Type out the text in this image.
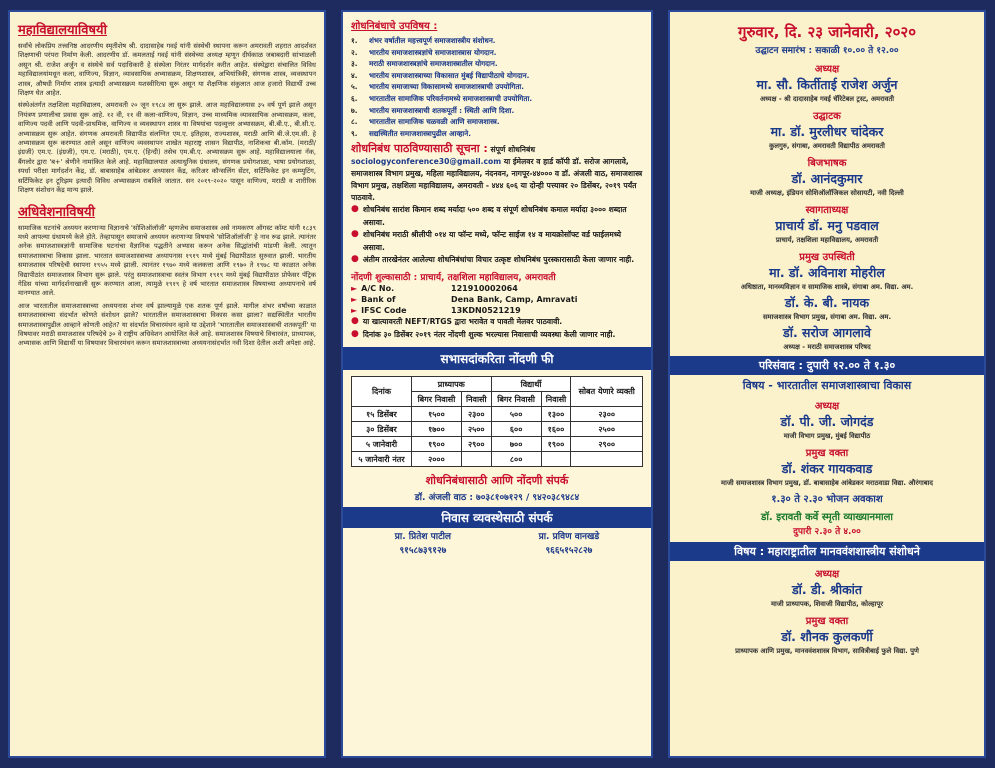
महाविद्यालयाविषयी

सर्वांचे लोकप्रिय तत्त्वनिष्ठ आदरणीय स्मृतीशेष श्री. दादासाहेब गवई यांनी संस्थेची स्थापना करून अमरावती शहरात आदर्शवत शिक्षणाची परंपरा निर्माण केली. आदरणीय डॉ. कमलताई गवई यांनी संस्थेच्या अध्यक्ष म्हणून दीर्घकाळ जबाबदारी सांभाळली असून श्री. राजेश अर्जुन व संस्थेचे सर्व पदाधिकारी हे संस्थेला निरंतर मार्गदर्शन करीत आहेत. संस्थेद्वारा संचालित विविध महाविद्यालयांमधून कला, वाणिज्य, विज्ञान, व्यावसायिक अभ्यासक्रम, शिक्षणशास्त्र, अभियांत्रिकी, संगणक शास्त्र, व्यवस्थापन शास्त्र, औषधी निर्माण शास्त्र इत्यादी अभ्यासक्रम यशस्वीरित्या सुरू असून या शैक्षणिक संकुलात आज हजारो विद्यार्थी उच्च शिक्षण घेत आहेत.

संस्थेअंतर्गत तक्षशिला महाविद्यालय, अमरावती २० जून १९८४ ला सुरू झाले. आज महाविद्यालयास ३५ वर्ष पूर्ण झाले असून नियंत्रण प्रणालीचा प्रवास सुरू आहे. १२ वी, ११ वी कला-वाणिज्य, विज्ञान, उच्च माध्यमिक व्यावसायिक अभ्यासक्रम, कला, वाणिज्य पदवी आणि पदवी-प्राथमिक, वाणिज्य व व्यवस्थापन शास्त्र या विषयांचा पदव्युत्तर अभ्यासक्रम, बी.बी.ए., बी.सी.ए. अभ्यासक्रम सुरू आहेत. संगणक अमरावती विद्यापीठ संलग्नित एम.ए. इतिहास, राज्यशास्त्र, मराठी आणि बी.जे.एम.सी. हे अभ्यासक्रम सुरू करण्यात आले असून वाणिज्य व्यवस्थापन शाखेत महाराष्ट्र शासन विद्यापीठ, नाशिकचा बी.कॉम. (मराठी/इंग्रजी) एम.ए. (इंग्रजी), एम.ए. (मराठी), एम.ए. (हिन्दी) तसेच एम.बी.ए. अभ्यासक्रम सुरू आहे. महाविद्यालयाला नॅक, बैंगलोर द्वारा 'ब+' श्रेणीने नामांकित केले आहे. महाविद्यालयात अत्याधुनिक ग्रंथालय, संगणक प्रयोगशाळा, भाषा प्रयोगशाळा, स्पर्धा परीक्षा मार्गदर्शन केंद्र, डॉ. बाबासाहेब आंबेडकर अध्यासन केंद्र, करिअर कौन्सलिंग सेंटर, सर्टिफिकेट इन कम्प्युटिंग, सर्टिफिकेट इन टूरिझम इत्यादी विविध अभ्यासक्रम राबविले जातात. सन २०१९-२०२० पासून वाणिज्य, मराठी व शारीरिक शिक्षण संशोधन केंद्र मान्य झाले.

अधिवेशनाविषयी

सामाजिक घटनांचे अध्ययन करणाऱ्या विज्ञानाचे 'सोशिऑलॉजी' म्हणजेच समाजशास्त्र असे नामकरण ऑगस्ट कॉम्ट यांनी १८३९ मध्ये आपल्या ग्रंथामध्ये केले होते. तेव्हापासून समाजाचे अध्ययन करणाऱ्या विषयाचे 'सोशिऑलॉजी' हे नाव रूढ झाले. त्यानंतर अनेक समाजशास्त्रज्ञांनी सामाजिक घटनांचा वैज्ञानिक पद्धतीने अभ्यास करून अनेक सिद्धांतांची मांडणी केली. त्यातून समाजशास्त्राचा विकास झाला. भारतात समाजशास्त्राच्या अध्यापनास १९१९ मध्ये मुंबई विद्यापीठात सुरुवात झाली. भारतीय समाजशास्त्र परिषदेची स्थापना १९५५ मध्ये झाली. त्यानंतर १९७० मध्ये कलकत्ता आणि १९७० ते १९७८ या काळात अनेक विद्यापीठांत समाजशास्त्र विभाग सुरू झाले. परंतु समाजशास्त्राचा स्वतंत्र विभाग १९१९ मध्ये मुंबई विद्यापीठात प्रोफेसर पॅट्रिक गेडिस यांच्या मार्गदर्शनाखाली सुरू करण्यात आला, त्यामुळे १९१९ हे वर्ष भारतात समाजशास्त्र विषयाच्या अध्यापनाचे वर्ष मानण्यात आले.

आज भारतातील समाजशास्त्राच्या अध्ययनास शंभर वर्ष झाल्यामुळे एक शतक पूर्ण झाले. मागील शंभर वर्षांच्या काळात समाजशास्त्राच्या संदर्भात कोणते संशोधन झाले? भारतातील समाजशास्त्राचा विकास कसा झाला? सद्यस्थितीत भारतीय समाजशास्त्रापुढील आव्हाने कोणती आहेत? या संदर्भात विचारमंथन व्हावे या उद्देशाने 'भारतातील समाजशास्त्राची शतकपूर्ती' या विषयावर मराठी समाजशास्त्र परिषदेचे ३० वे राष्ट्रीय अधिवेशन आयोजित केले आहे. समाजशास्त्र विषयाचे विचारवंत, प्राध्यापक, अभ्यासक आणि विद्यार्थी या विषयावर विचारमंथन करून समाजशास्त्राच्या अध्ययनासंदर्भात नवी दिशा देतील अशी अपेक्षा आहे.

शोधनिबंधाचे उपविषय :
१.	शंभर वर्षातील महत्त्वपूर्ण समाजशास्त्रीय संशोधन.
२.	भारतीय समाजशास्त्रज्ञांचे समाजशास्त्रास योगदान.
३.	मराठी समाजशास्त्रज्ञांचे समाजशास्त्रातील योगदान.
४.	भारतीय समाजशास्त्राच्या विकासात मुंबई विद्यापीठाचे योगदान.
५.	भारतीय समाजाच्या विकासामध्ये समाजशास्त्राची उपयोगिता.
६.	भारतातील सामाजिक परिवर्तनामध्ये समाजशास्त्राची उपयोगिता.
७.	भारतीय समाजशास्त्राची शतकपूर्ती : स्थिती आणि दिशा.
८.	भारतातील सामाजिक चळवळी आणि समाजशास्त्र.
९.	सद्यस्थितीत समाजशास्त्रापुढील आव्हाने.
शोधनिबंध पाठविण्यासाठी सूचना : संपूर्ण शोधनिबंध sociologyconference30@gmail.com या ईमेलवर व हार्ड कॉपी डॉ. सरोज आगलावे, समाजशास्त्र विभाग प्रमुख, महिला महाविद्यालय, नंदनवन, नागपूर-४४००० व डॉ. अंजली वाठ, समाजशास्त्र विभाग प्रमुख, तक्षशिला महाविद्यालय, अमरावती - ४४४ ६०६ या दोन्ही पत्त्यावर २० डिसेंबर, २०१९ पर्यंत पाठवावे.
● शोधनिबंध सारांश किमान शब्द मर्यादा ५०० शब्द व संपूर्ण शोधनिबंध कमाल मर्यादा ३००० शब्दात असावा.
● शोधनिबंध मराठी श्रीलीपी ०१४ या फॉन्ट मध्ये, फॉन्ट साईज १४ व मायक्रोसॉफ्ट वर्ड फाईलमध्ये असावा.
● अंतीम तारखेनंतर आलेल्या शोधनिबंधांचा विचार उत्कृष्ट शोधनिबंध पुरस्कारासाठी केला जाणार नाही.
नोंदणी शुल्कासाठी : प्राचार्य, तक्षशिला महाविद्यालय, अमरावती
► A/C No.	121910002064
► Bank of	Dena Bank, Camp, Amravati
► IFSC Code	13KDN0521219
● या खात्यावरती NEFT/RTGS द्वारा भरावेत व पावती मेलवर पाठवावी.
● दिनांक ३० डिसेंबर २०१९ नंतर नोंदणी शुल्क भरल्यास निवासाची व्यवस्था केली जाणार नाही.
सभासदांकरिता नोंदणी फी
दिनांक	प्राध्यापक		विद्यार्थी		सोबत येणारे व्यक्ती
	बिगर निवासी	निवासी	बिगर निवासी	निवासी	
१५ डिसेंबर	१५००	२३००	५००	१३००	२३००
३० डिसेंबर	१७००	२५००	६००	१६००	२५००
५ जानेवारी	१९००	२९००	७००	१९००	२९००
५ जानेवारी नंतर	२०००		८००		
शोधनिबंधासाठी आणि नोंदणी संपर्क
डॉ. अंजली वाठ : ७०३८१०७१२९ / ९४२०३८९४८४
निवास व्यवस्थेसाठी संपर्क
प्रा. प्रितेश पाटील
९१५८७३९१२७
प्रा. प्रविण वानखडे
९६६५१५२८२७
गुरुवार, दि. २३ जानेवारी, २०२०
उद्घाटन समारंभ : सकाळी १०.०० ते १२.००
अध्यक्ष
मा. सौ. किर्तीताई राजेश अर्जुन
अध्यक्ष - श्री दादासाहेब गवई चॅरिटेबल ट्रस्ट, अमरावती
उद्घाटक
मा. डॉ. मुरलीधर चांदेकर
कुलगुरु, संगाबा, अमरावती विद्यापीठ अमरावती
बिजभाषक
डॉ. आनंदकुमार
माजी अध्यक्ष, इंडियन सोशिऑलॉजिकल सोसायटी, नवी दिल्ली
स्वागताध्यक्ष
प्राचार्य डॉ. मनु पडवाल
प्राचार्य, तक्षशिला महाविद्यालय, अमरावती
प्रमुख उपस्थिती
मा. डॉ. अविनाश मोहरील
अधिष्ठाता, मानव्यविज्ञान व सामाजिक शास्त्रे, संगाबा अम. विद्या. अम.
डॉ. के. बी. नायक
समाजशास्त्र विभाग प्रमुख, संगाबा अम. विद्या. अम.
डॉ. सरोज आगलावे
अध्यक्ष - मराठी समाजशास्त्र परिषद
परिसंवाद : दुपारी १२.०० ते १.३०
विषय - भारतातील समाजशास्त्राचा विकास
अध्यक्ष
डॉ. पी. जी. जोगदंड
माजी विभाग प्रमुख, मुंबई विद्यापीठ
प्रमुख वक्ता
डॉ. शंकर गायकवाड
माजी समाजशास्त्र विभाग प्रमुख, डॉ. बाबासाहेब आंबेडकर मराठवाडा विद्या. औरंगाबाद
१.३० ते २.३० भोजन अवकाश
डॉ. इरावती कर्वे स्मृती व्याख्यानमाला
दुपारी २.३० ते ४.००
विषय : महाराष्ट्रातील मानववंशशास्त्रीय संशोधने
अध्यक्ष
डॉ. डी. श्रीकांत
माजी प्राध्यापक, शिवाजी विद्यापीठ, कोल्हापूर
प्रमुख वक्ता
डॉ. शौनक कुलकर्णी
प्राध्यापक आणि प्रमुख, मानववंशशास्त्र विभाग, सावित्रीबाई फुले विद्या. पुणे
